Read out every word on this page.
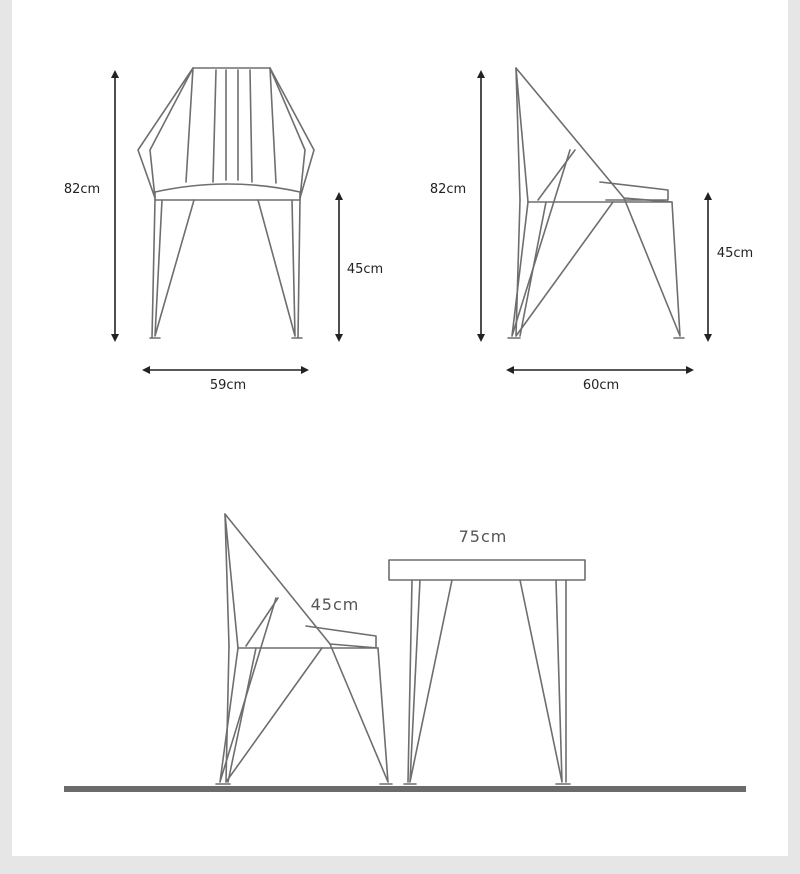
82cm
45cm
59cm
82cm
45cm
60cm
45cm
75cm
